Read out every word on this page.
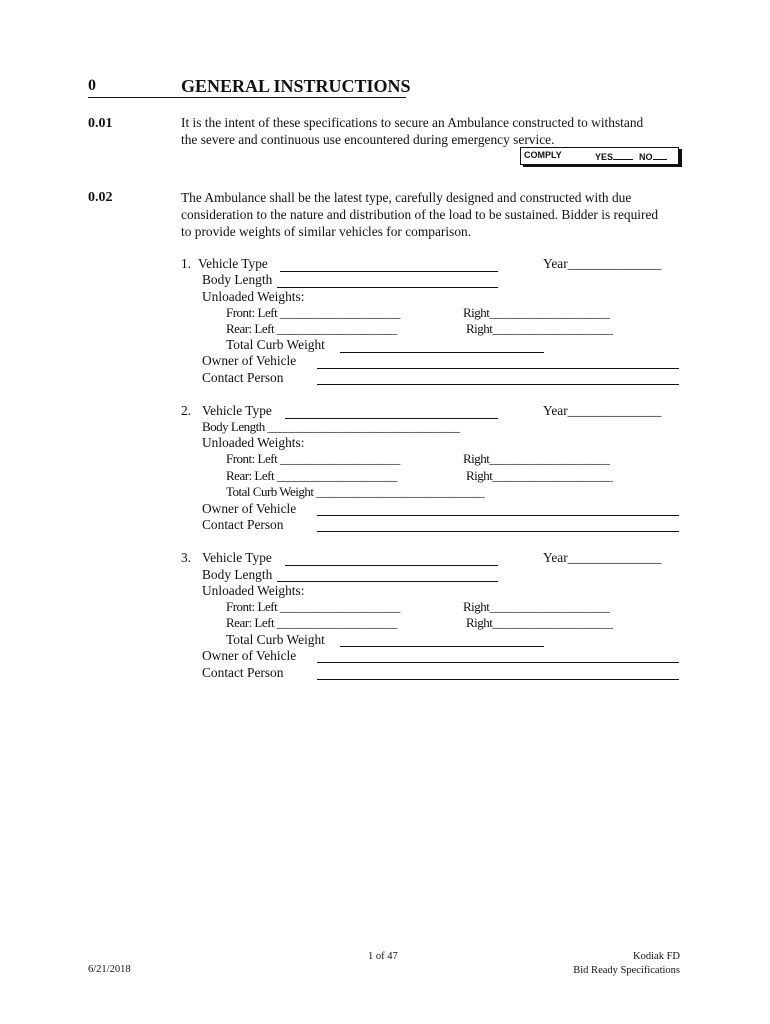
0	GENERAL INSTRUCTIONS
0.01	It is the intent of these specifications to secure an Ambulance constructed to withstand
the severe and continuous use encountered during emergency service.
COMPLY	YES	NO
0.02	The Ambulance shall be the latest type, carefully designed and constructed with due
consideration to the nature and distribution of the load to be sustained. Bidder is required
to provide weights of similar vehicles for comparison.
1. Vehicle Type	Year______________
Body Length
Unloaded Weights:
Front: Left ____________________	Right____________________
Rear: Left ____________________	Right____________________
Total Curb Weight
Owner of Vehicle
Contact Person
2. Vehicle Type	Year______________
Body Length ________________________________
Unloaded Weights:
Front: Left ____________________	Right____________________
Rear: Left ____________________	Right____________________
Total Curb Weight ____________________________
Owner of Vehicle
Contact Person
3. Vehicle Type	Year______________
Body Length
Unloaded Weights:
Front: Left ____________________	Right____________________
Rear: Left ____________________	Right____________________
Total Curb Weight
Owner of Vehicle
Contact Person
6/21/2018
1 of 47	Kodiak FD
Bid Ready Specifications
